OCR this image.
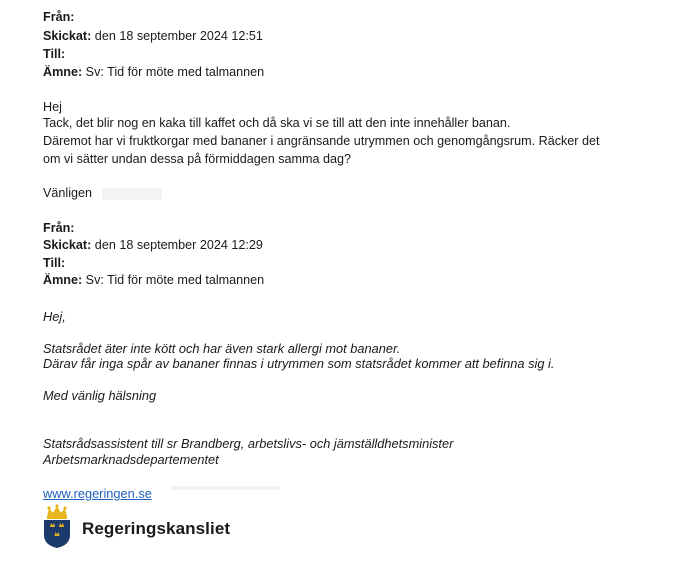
Från:
Skickat: den 18 september 2024 12:51
Till:
Ämne: Sv: Tid för möte med talmannen
Hej
Tack, det blir nog en kaka till kaffet och då ska vi se till att den inte innehåller banan.
Däremot har vi fruktkorgar med bananer i angränsande utrymmen och genomgångsrum. Räcker det
om vi sätter undan dessa på förmiddagen samma dag?
Vänligen
Från:
Skickat: den 18 september 2024 12:29
Till:
Ämne: Sv: Tid för möte med talmannen
Hej,
Statsrådet äter inte kött och har även stark allergi mot bananer.
Därav får inga spår av bananer finnas i utrymmen som statsrådet kommer att befinna sig i.
Med vänlig hälsning
Statsrådsassistent till sr Brandberg, arbetslivs- och jämställdhetsminister
Arbetsmarknadsdepartementet
www.regeringen.se
Regeringskansliet
